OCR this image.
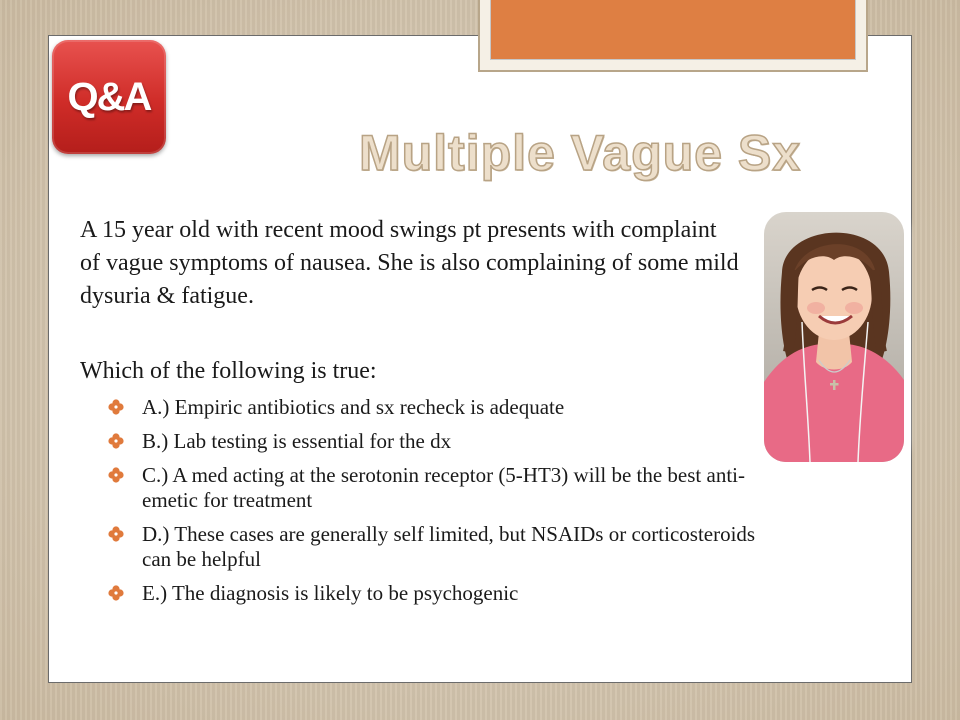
Q&A
Multiple Vague Sx

A 15 year old with recent mood swings pt presents with complaint of vague symptoms of nausea. She is also complaining of some mild dysuria & fatigue.

Which of the following is true:

A.) Empiric antibiotics and sx recheck is adequate
B.) Lab testing is essential for the dx
C.) A med acting at the serotonin receptor (5-HT3) will be the best anti-emetic for treatment
D.) These cases are generally self limited, but NSAIDs or corticosteroids can be helpful
E.) The diagnosis is likely to be psychogenic
